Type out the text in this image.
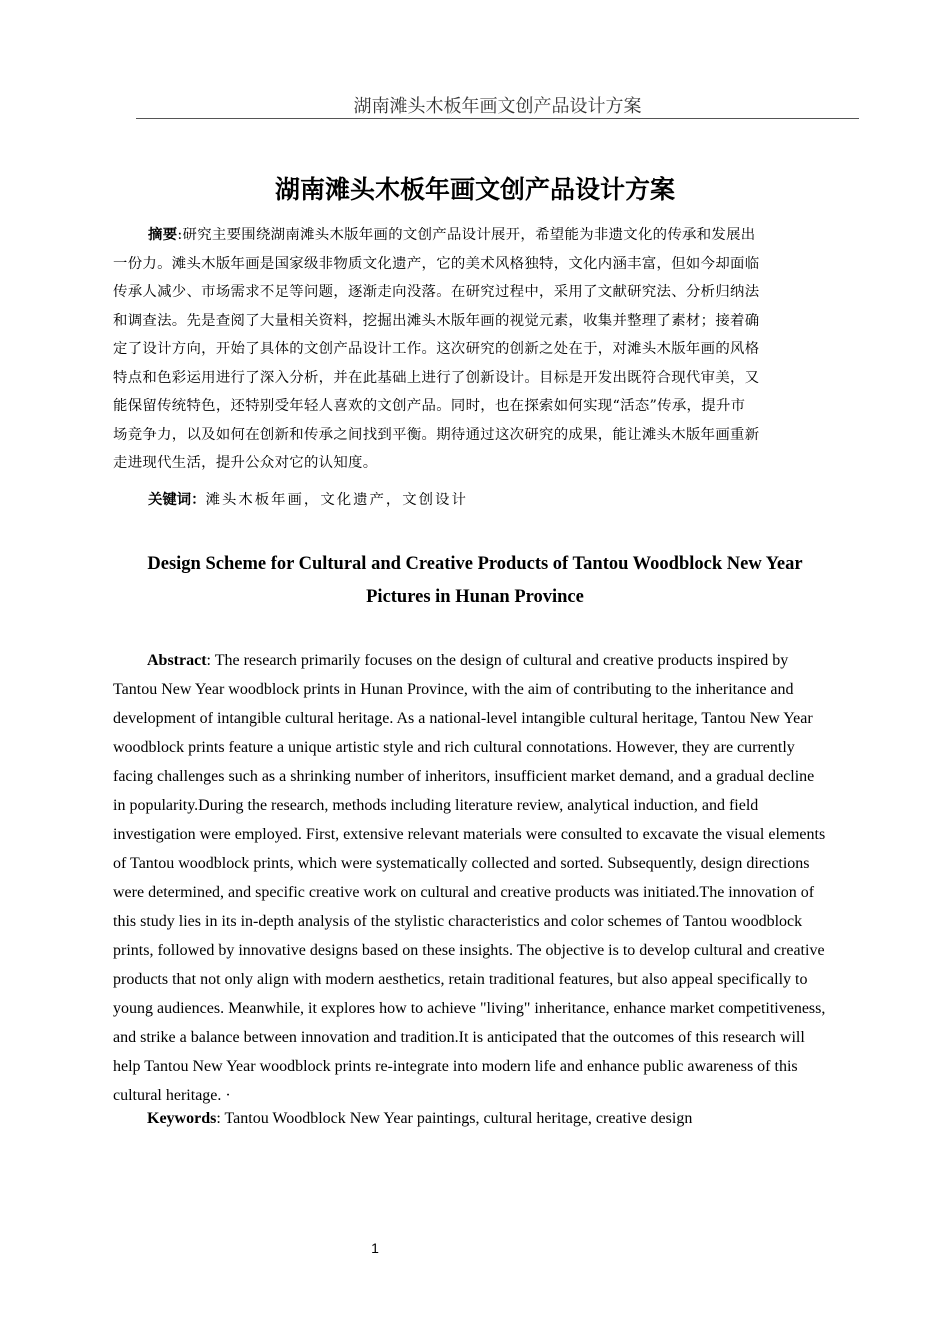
湖南滩头木板年画文创产品设计方案
湖南滩头木板年画文创产品设计方案
摘要:研究主要围绕湖南滩头木版年画的文创产品设计展开，希望能为非遗文化的传承和发展出
一份力。滩头木版年画是国家级非物质文化遗产，它的美术风格独特，文化内涵丰富，但如今却面临
传承人减少、市场需求不足等问题，逐渐走向没落。在研究过程中，采用了文献研究法、分析归纳法
和调查法。先是查阅了大量相关资料，挖掘出滩头木版年画的视觉元素，收集并整理了素材；接着确
定了设计方向，开始了具体的文创产品设计工作。这次研究的创新之处在于，对滩头木版年画的风格
特点和色彩运用进行了深入分析，并在此基础上进行了创新设计。目标是开发出既符合现代审美，又
能保留传统特色，还特别受年轻人喜欢的文创产品。同时，也在探索如何实现“活态”传承，提升市
场竞争力，以及如何在创新和传承之间找到平衡。期待通过这次研究的成果，能让滩头木版年画重新
走进现代生活，提升公众对它的认知度。
关键词：滩头木板年画，文化遗产，文创设计
Design Scheme for Cultural and Creative Products of Tantou Woodblock New Year
Pictures in Hunan Province
Abstract: The research primarily focuses on the design of cultural and creative products inspired by
Tantou New Year woodblock prints in Hunan Province, with the aim of contributing to the inheritance and
development of intangible cultural heritage. As a national-level intangible cultural heritage, Tantou New Year
woodblock prints feature a unique artistic style and rich cultural connotations. However, they are currently
facing challenges such as a shrinking number of inheritors, insufficient market demand, and a gradual decline
in popularity.During the research, methods including literature review, analytical induction, and field
investigation were employed. First, extensive relevant materials were consulted to excavate the visual elements
of Tantou woodblock prints, which were systematically collected and sorted. Subsequently, design directions
were determined, and specific creative work on cultural and creative products was initiated.The innovation of
this study lies in its in-depth analysis of the stylistic characteristics and color schemes of Tantou woodblock
prints, followed by innovative designs based on these insights. The objective is to develop cultural and creative
products that not only align with modern aesthetics, retain traditional features, but also appeal specifically to
young audiences. Meanwhile, it explores how to achieve "living" inheritance, enhance market competitiveness,
and strike a balance between innovation and tradition.It is anticipated that the outcomes of this research will
help Tantou New Year woodblock prints re-integrate into modern life and enhance public awareness of this
cultural heritage. ·
Keywords: Tantou Woodblock New Year paintings, cultural heritage, creative design
1
